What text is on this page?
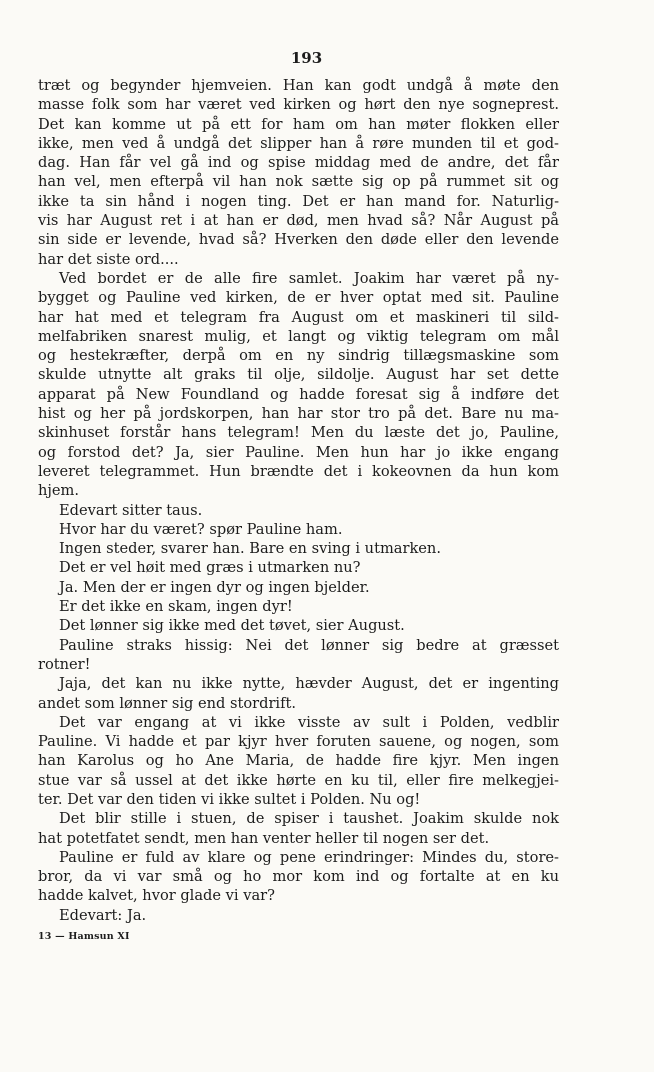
193
træt og begynder hjemveien. Han kan godt undgå å møte den
masse folk som har været ved kirken og hørt den nye sogneprest.
Det kan komme ut på ett for ham om han møter flokken eller
ikke, men ved å undgå det slipper han å røre munden til et god-
dag. Han får vel gå ind og spise middag med de andre, det får
han vel, men efterpå vil han nok sætte sig op på rummet sit og
ikke ta sin hånd i nogen ting. Det er han mand for. Naturlig-
vis har August ret i at han er død, men hvad så? Når August på
sin side er levende, hvad så? Hverken den døde eller den levende
har det siste ord....
Ved bordet er de alle fire samlet. Joakim har været på ny-
bygget og Pauline ved kirken, de er hver optat med sit. Pauline
har hat med et telegram fra August om et maskineri til sild-
melfabriken snarest mulig, et langt og viktig telegram om mål
og hestekræfter, derpå om en ny sindrig tillægsmaskine som
skulde utnytte alt graks til olje, sildolje. August har set dette
apparat på New Foundland og hadde foresat sig å indføre det
hist og her på jordskorpen, han har stor tro på det. Bare nu ma-
skinhuset forstår hans telegram! Men du læste det jo, Pauline,
og forstod det? Ja, sier Pauline. Men hun har jo ikke engang
leveret telegrammet. Hun brændte det i kokeovnen da hun kom
hjem.
Edevart sitter taus.
Hvor har du været? spør Pauline ham.
Ingen steder, svarer han. Bare en sving i utmarken.
Det er vel høit med græs i utmarken nu?
Ja. Men der er ingen dyr og ingen bjelder.
Er det ikke en skam, ingen dyr!
Det lønner sig ikke med det tøvet, sier August.
Pauline straks hissig: Nei det lønner sig bedre at græsset
rotner!
Jaja, det kan nu ikke nytte, hævder August, det er ingenting
andet som lønner sig end stordrift.
Det var engang at vi ikke visste av sult i Polden, vedblir
Pauline. Vi hadde et par kjyr hver foruten sauene, og nogen, som
han Karolus og ho Ane Maria, de hadde fire kjyr. Men ingen
stue var så ussel at det ikke hørte en ku til, eller fire melkegjei-
ter. Det var den tiden vi ikke sultet i Polden. Nu og!
Det blir stille i stuen, de spiser i taushet. Joakim skulde nok
hat potetfatet sendt, men han venter heller til nogen ser det.
Pauline er fuld av klare og pene erindringer: Mindes du, store-
bror, da vi var små og ho mor kom ind og fortalte at en ku
hadde kalvet, hvor glade vi var?
Edevart: Ja.
13 — Hamsun XI
